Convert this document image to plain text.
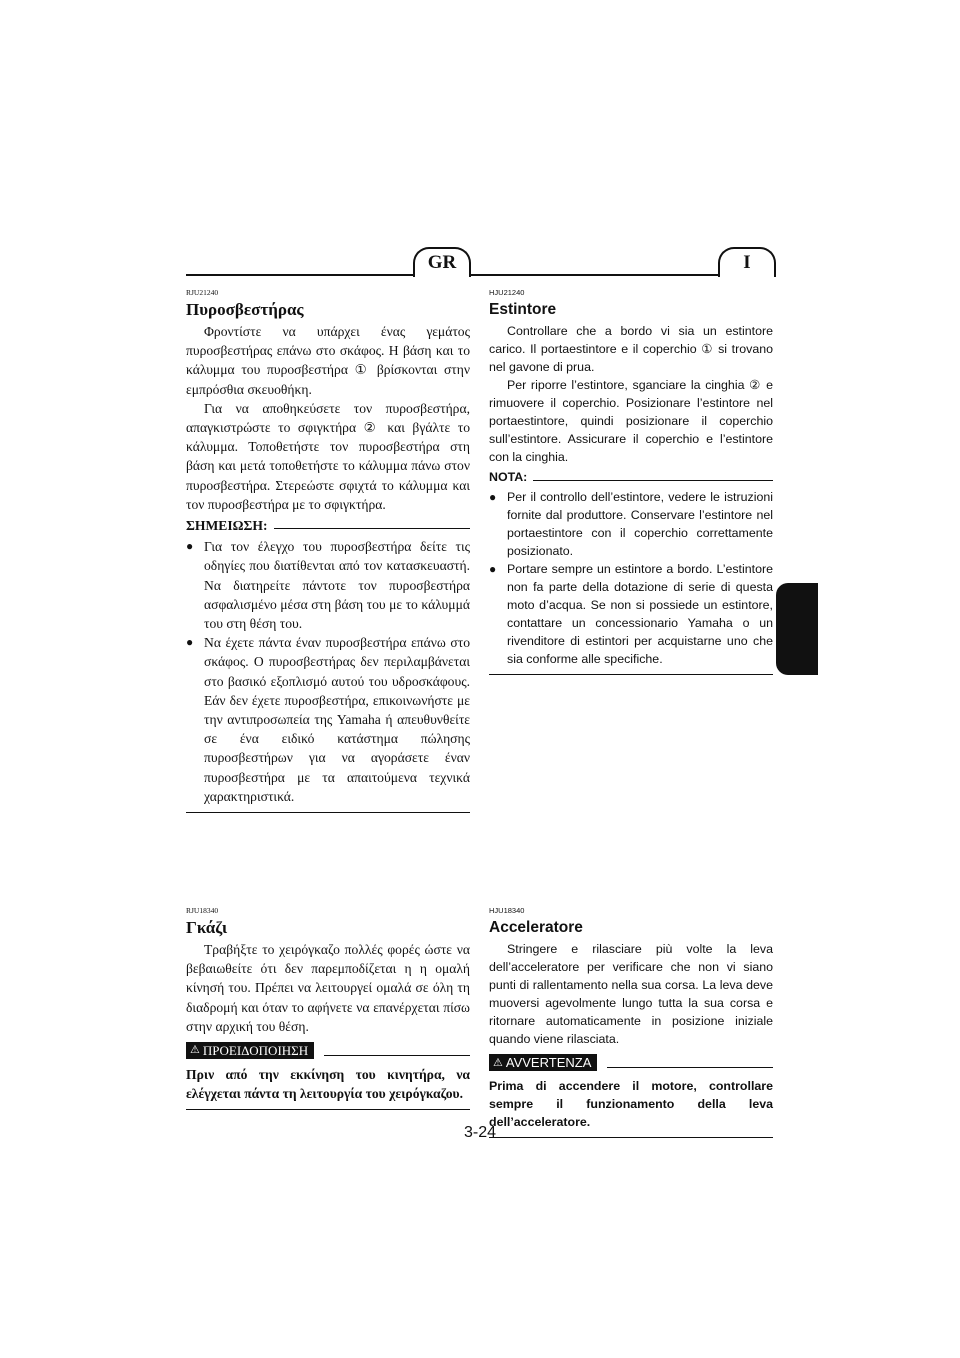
GR	I
RJU21240
Πυροσβεστήρας

Φροντίστε να υπάρχει ένας γεμάτος πυροσβεστήρας επάνω στο σκάφος. Η βάση και το κάλυμμα του πυροσβεστήρα ① βρίσκονται στην εμπρόσθια σκευοθήκη.

Για να αποθηκεύσετε τον πυροσβεστήρα, απαγκιστρώστε το σφιγκτήρα ② και βγάλτε το κάλυμμα. Τοποθετήστε τον πυροσβεστήρα στη βάση και μετά τοποθετήστε το κάλυμμα πάνω στον πυροσβεστήρα. Στερεώστε σφιχτά το κάλυμμα και τον πυροσβεστήρα με το σφιγκτήρα.

ΣΗΜΕΙΩΣΗ:
● Για τον έλεγχο του πυροσβεστήρα δείτε τις οδηγίες που διατίθενται από τον κατασκευαστή. Να διατηρείτε πάντοτε τον πυροσβεστήρα ασφαλισμένο μέσα στη βάση του με το κάλυμμά του στη θέση του.
● Να έχετε πάντα έναν πυροσβεστήρα επάνω στο σκάφος. Ο πυροσβεστήρας δεν περιλαμβάνεται στο βασικό εξοπλισμό αυτού του υδροσκάφους. Εάν δεν έχετε πυροσβεστήρα, επικοινωνήστε με την αντιπροσωπεία της Yamaha ή απευθυνθείτε σε ένα ειδικό κατάστημα πώλησης πυροσβεστήρων για να αγοράσετε έναν πυροσβεστήρα με τα απαιτούμενα τεχνικά χαρακτηριστικά.
HJU21240
Estintore

Controllare che a bordo vi sia un estintore carico. Il portaestintore e il coperchio ① si trovano nel gavone di prua.

Per riporre l’estintore, sganciare la cinghia ② e rimuovere il coperchio. Posizionare l’estintore nel portaestintore, quindi posizionare il coperchio sull’estintore. Assicurare il coperchio e l’estintore con la cinghia.

NOTA:
● Per il controllo dell’estintore, vedere le istruzioni fornite dal produttore. Conservare l’estintore nel portaestintore con il coperchio correttamente posizionato.
● Portare sempre un estintore a bordo. L’estintore non fa parte della dotazione di serie di questa moto d’acqua. Se non si possiede un estintore, contattare un concessionario Yamaha o un rivenditore di estintori per acquistarne uno che sia conforme alle specifiche.
RJU18340
Γκάζι

Τραβήξτε το χειρόγκαζο πολλές φορές ώστε να βεβαιωθείτε ότι δεν παρεμποδίζεται η η ομαλή κίνησή του. Πρέπει να λειτουργεί ομαλά σε όλη τη διαδρομή και όταν το αφήνετε να επανέρχεται πίσω στην αρχική του θέση.

⚠ ΠΡΟΕΙΔΟΠΟΙΗΣΗ
Πριν από την εκκίνηση του κινητήρα, να ελέγχεται πάντα τη λειτουργία του χειρόγκαζου.
HJU18340
Acceleratore

Stringere e rilasciare più volte la leva dell’acceleratore per verificare che non vi siano punti di rallentamento nella sua corsa. La leva deve muoversi agevolmente lungo tutta la sua corsa e ritornare automaticamente in posizione iniziale quando viene rilasciata.

⚠ AVVERTENZA
Prima di accendere il motore, controllare sempre il funzionamento della leva dell’acceleratore.
3-24
